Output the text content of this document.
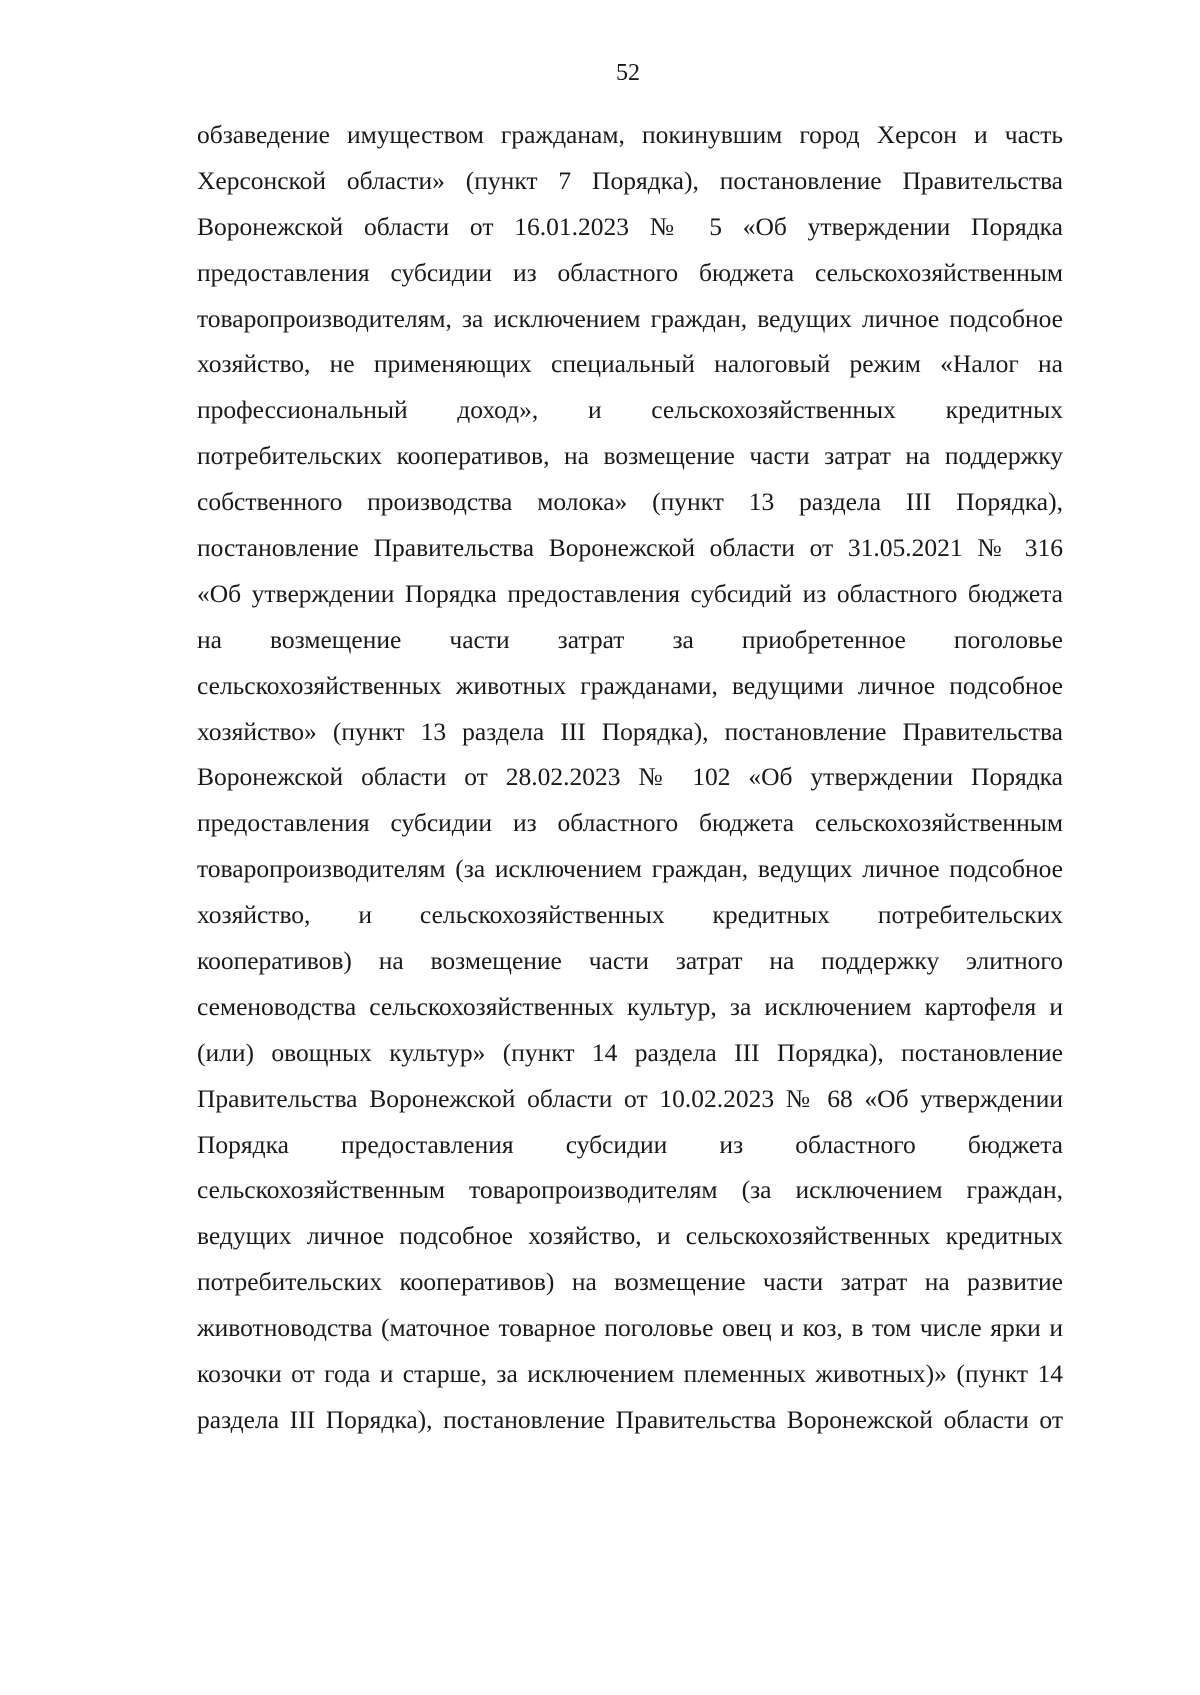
52
обзаведение имуществом гражданам, покинувшим город Херсон и часть
Херсонской области» (пункт 7 Порядка), постановление Правительства
Воронежской области от 16.01.2023 № 5 «Об утверждении Порядка
предоставления субсидии из областного бюджета сельскохозяйственным
товаропроизводителям, за исключением граждан, ведущих личное подсобное
хозяйство, не применяющих специальный налоговый режим «Налог на
профессиональный доход», и сельскохозяйственных кредитных
потребительских кооперативов, на возмещение части затрат на поддержку
собственного производства молока» (пункт 13 раздела III Порядка),
постановление Правительства Воронежской области от 31.05.2021 № 316
«Об утверждении Порядка предоставления субсидий из областного бюджета
на возмещение части затрат за приобретенное поголовье
сельскохозяйственных животных гражданами, ведущими личное подсобное
хозяйство» (пункт 13 раздела III Порядка), постановление Правительства
Воронежской области от 28.02.2023 № 102 «Об утверждении Порядка
предоставления субсидии из областного бюджета сельскохозяйственным
товаропроизводителям (за исключением граждан, ведущих личное подсобное
хозяйство, и сельскохозяйственных кредитных потребительских
кооперативов) на возмещение части затрат на поддержку элитного
семеноводства сельскохозяйственных культур, за исключением картофеля и
(или) овощных культур» (пункт 14 раздела III Порядка), постановление
Правительства Воронежской области от 10.02.2023 № 68 «Об утверждении
Порядка предоставления субсидии из областного бюджета
сельскохозяйственным товаропроизводителям (за исключением граждан,
ведущих личное подсобное хозяйство, и сельскохозяйственных кредитных
потребительских кооперативов) на возмещение части затрат на развитие
животноводства (маточное товарное поголовье овец и коз, в том числе ярки и
козочки от года и старше, за исключением племенных животных)» (пункт 14
раздела III Порядка), постановление Правительства Воронежской области от
